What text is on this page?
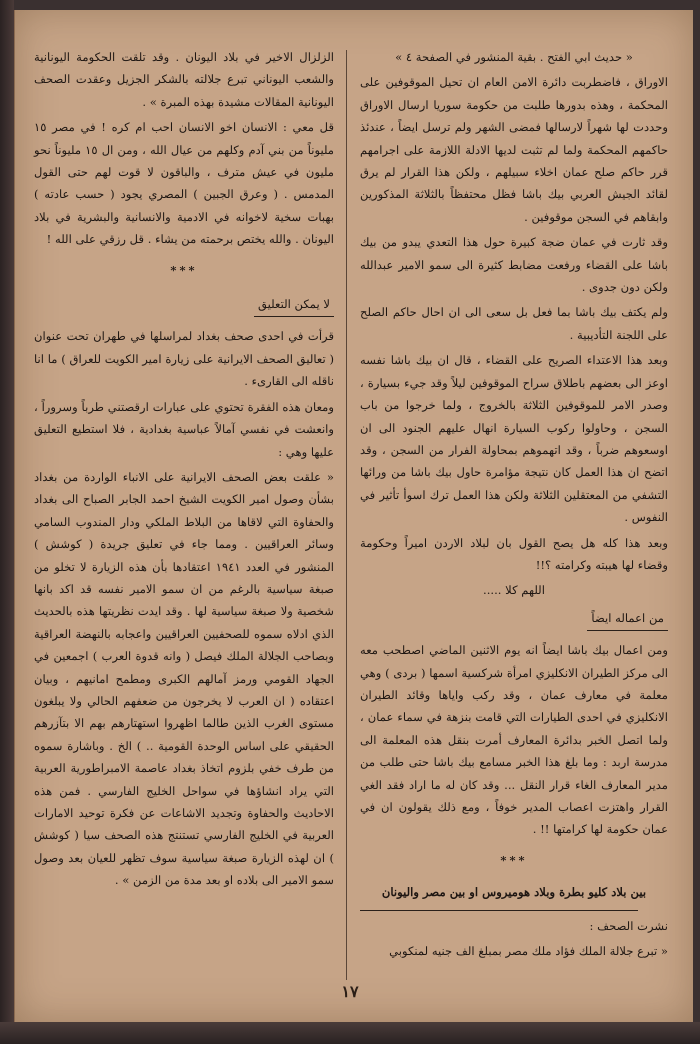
« حديث ابي الفتح . بقية المنشور في الصفحة ٤ »

الاوراق ، فاضطربت دائرة الامن العام ان تحيل الموقوفين على المحكمة ، وهذه بدورها طلبت من حكومة سوريا ارسال الاوراق وحددت لها شهراً لارسالها فمضى الشهر ولم ترسل ايضاً ، عندئذ حاكمهم المحكمة ولما لم تثبت لديها الادلة اللازمة على اجرامهم قرر حاكم صلح عمان اخلاء سبيلهم ، ولكن هذا القرار لم يرق لقائد الجيش العربي بيك باشا فظل محتفظاً بالثلاثة المذكورين وابقاهم في السجن موقوفين .

وقد ثارت في عمان ضجة كبيرة حول هذا التعدي يبدو من بيك باشا على القضاء ورفعت مضابط كثيرة الى سمو الامير عبدالله ولكن دون جدوى .

ولم يكتف بيك باشا بما فعل بل سعى الى ان احال حاكم الصلح على اللجنة التأديبية .

وبعد هذا الاعتداء الصريح على القضاء ، قال ان بيك باشا نفسه اوعز الى بعضهم باطلاق سراح الموقوفين ليلاً وقد جيء بسيارة ، وصدر الامر للموقوفين الثلاثة بالخروج ، ولما خرجوا من باب السجن ، وحاولوا ركوب السيارة انهال عليهم الجنود الى ان اوسعوهم ضرباً ، وقد اتهموهم بمحاولة الفرار من السجن ، وقد اتضح ان هذا العمل كان نتيجة مؤامرة حاول بيك باشا من ورائها التشفي من المعتقلين الثلاثة ولكن هذا العمل ترك اسوأ تأثير في النفوس .

وبعد هذا كله هل يصح القول بان لبلاد الاردن اميراً وحكومة وقضاء لها هيبته وكرامته ؟!!

اللهم كلا .....

من اعماله ايضاً

ومن اعمال بيك باشا ايضاً انه يوم الاثنين الماضي اصطحب معه الى مركز الطيران الانكليزي امرأة شركسية اسمها ( بردى ) وهي معلمة في معارف عمان ، وقد ركب واياها وقائد الطيران الانكليزي في احدى الطيارات التي قامت بنزهة في سماء عمان ، ولما اتصل الخبر بدائرة المعارف أمرت بنقل هذه المعلمة الى مدرسة اربد : وما بلغ هذا الخبر مسامع بيك باشا حتى طلب من مدير المعارف الغاء قرار النقل ... وقد كان له ما اراد فقد الغي القرار واهتزت اعصاب المدير خوفاً ، ومع ذلك يقولون ان في عمان حكومة لها كرامتها !! .

***

بين بلاد كليو بطرة وبلاد هوميروس او بين مصر واليونان

نشرت الصحف :

« تبرع جلالة الملك فؤاد ملك مصر بمبلغ الف جنيه لمنكوبي

الزلزال الاخير في بلاد اليونان . وقد تلقت الحكومة اليونانية والشعب اليوناني تبرع جلالته بالشكر الجزيل وعقدت الصحف اليونانية المقالات مشيدة بهذه المبرة » .

قل معي : الانسان اخو الانسان احب ام كره ! في مصر ١٥ مليوناً من بني آدم وكلهم من عيال الله ، ومن ال ١٥ مليوناً نحو مليون في عيش مترف ، والباقون لا قوت لهم حتى القول المدمس . ( وعرق الجبين ) المصري يجود ( حسب عادته ) بهبات سخية لاخوانه في الادمية والانسانية والبشرية في بلاد اليونان . والله يختص برحمته من يشاء . قل رزقي على الله !

***
لا يمكن التعليق

قرأت في احدى صحف بغداد لمراسلها في طهران تحت عنوان ( تعاليق الصحف الايرانية على زيارة امير الكويت للعراق ) ما انا ناقله الى القارىء .

ومعان هذه الفقرة تحتوي على عبارات ارقصتني طرباً وسروراً ، وانعشت في نفسي آمالاً عباسية بغدادية ، فلا استطيع التعليق عليها وهي :

« علقت بعض الصحف الايرانية على الانباء الواردة من بغداد بشأن وصول امير الكويت الشيخ احمد الجابر الصباح الى بغداد والحفاوة التي لاقاها من البلاط الملكي ودار المندوب السامي وسائر العراقيين . ومما جاء في تعليق جريدة ( كوشش ) المنشور في العدد ١٩٤١ اعتقادها بأن هذه الزيارة لا تخلو من صبغة سياسية بالرغم من ان سمو الامير نفسه قد اكد بانها شخصية ولا صبغة سياسية لها . وقد ايدت نظريتها هذه بالحديث الذي ادلاه سموه للصحفيين العراقيين واعجابه بالنهضة العراقية وبصاحب الجلالة الملك فيصل ( وانه قدوة العرب ) اجمعين في الجهاد القومي ورمز آمالهم الكبرى ومطمح امانيهم ، وبيان اعتقاده ( ان العرب لا يخرجون من ضعفهم الحالي ولا يبلغون مستوى الغرب الذين طالما اظهروا استهتارهم بهم الا بتآزرهم الحقيقي على اساس الوحدة القومية .. ) الخ . وباشارة سموه من طرف خفي بلزوم اتخاذ بغداد عاصمة الامبراطورية العربية التي يراد انشاؤها في سواحل الخليج الفارسي . فمن هذه الاحاديث والحفاوة وتجديد الاشاعات عن فكرة توحيد الامارات العربية في الخليج الفارسي تستنتج هذه الصحف سيا ( كوشش ) ان لهذه الزيارة صبغة سياسية سوف تظهر للعيان بعد وصول سمو الامير الى بلاده او بعد مدة من الزمن » .

١٧
